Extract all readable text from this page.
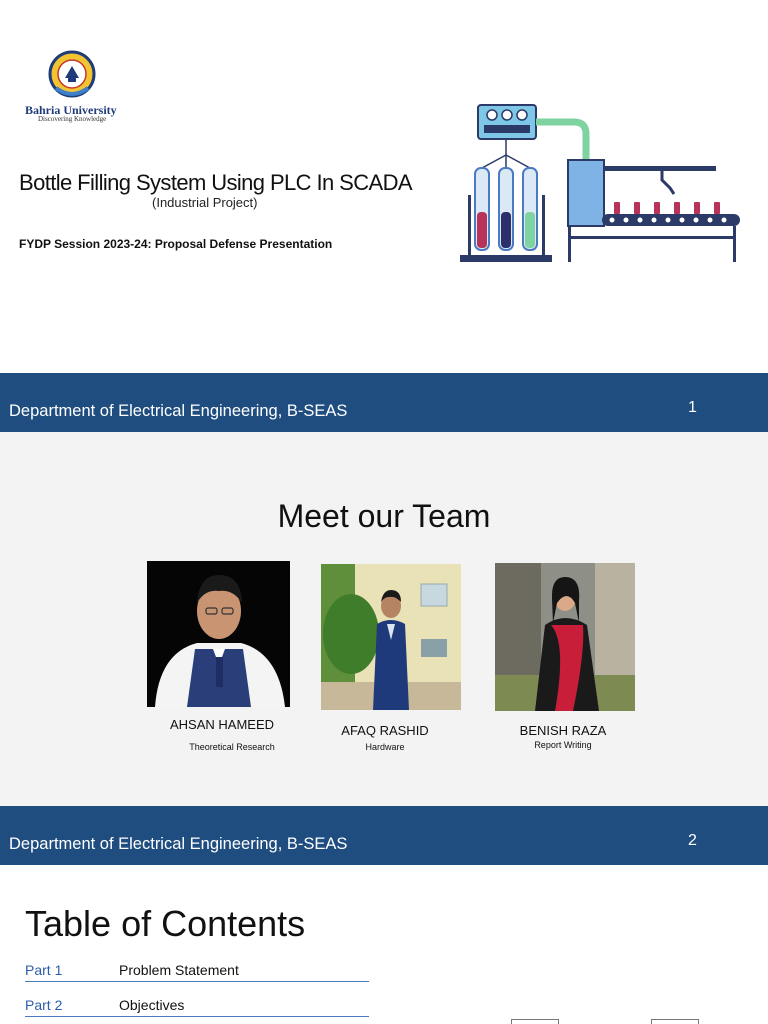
Bahria University
Discovering Knowledge
Bottle Filling System Using PLC In SCADA
(Industrial Project)
FYDP Session 2023-24: Proposal Defense Presentation
Department of Electrical Engineering, B-SEAS	1
Meet our Team
AHSAN HAMEED
Theoretical Research
AFAQ RASHID
Hardware
BENISH RAZA
Report Writing
Department of Electrical Engineering, B-SEAS	2
Table of Contents
Part 1	Problem Statement
Part 2	Objectives
